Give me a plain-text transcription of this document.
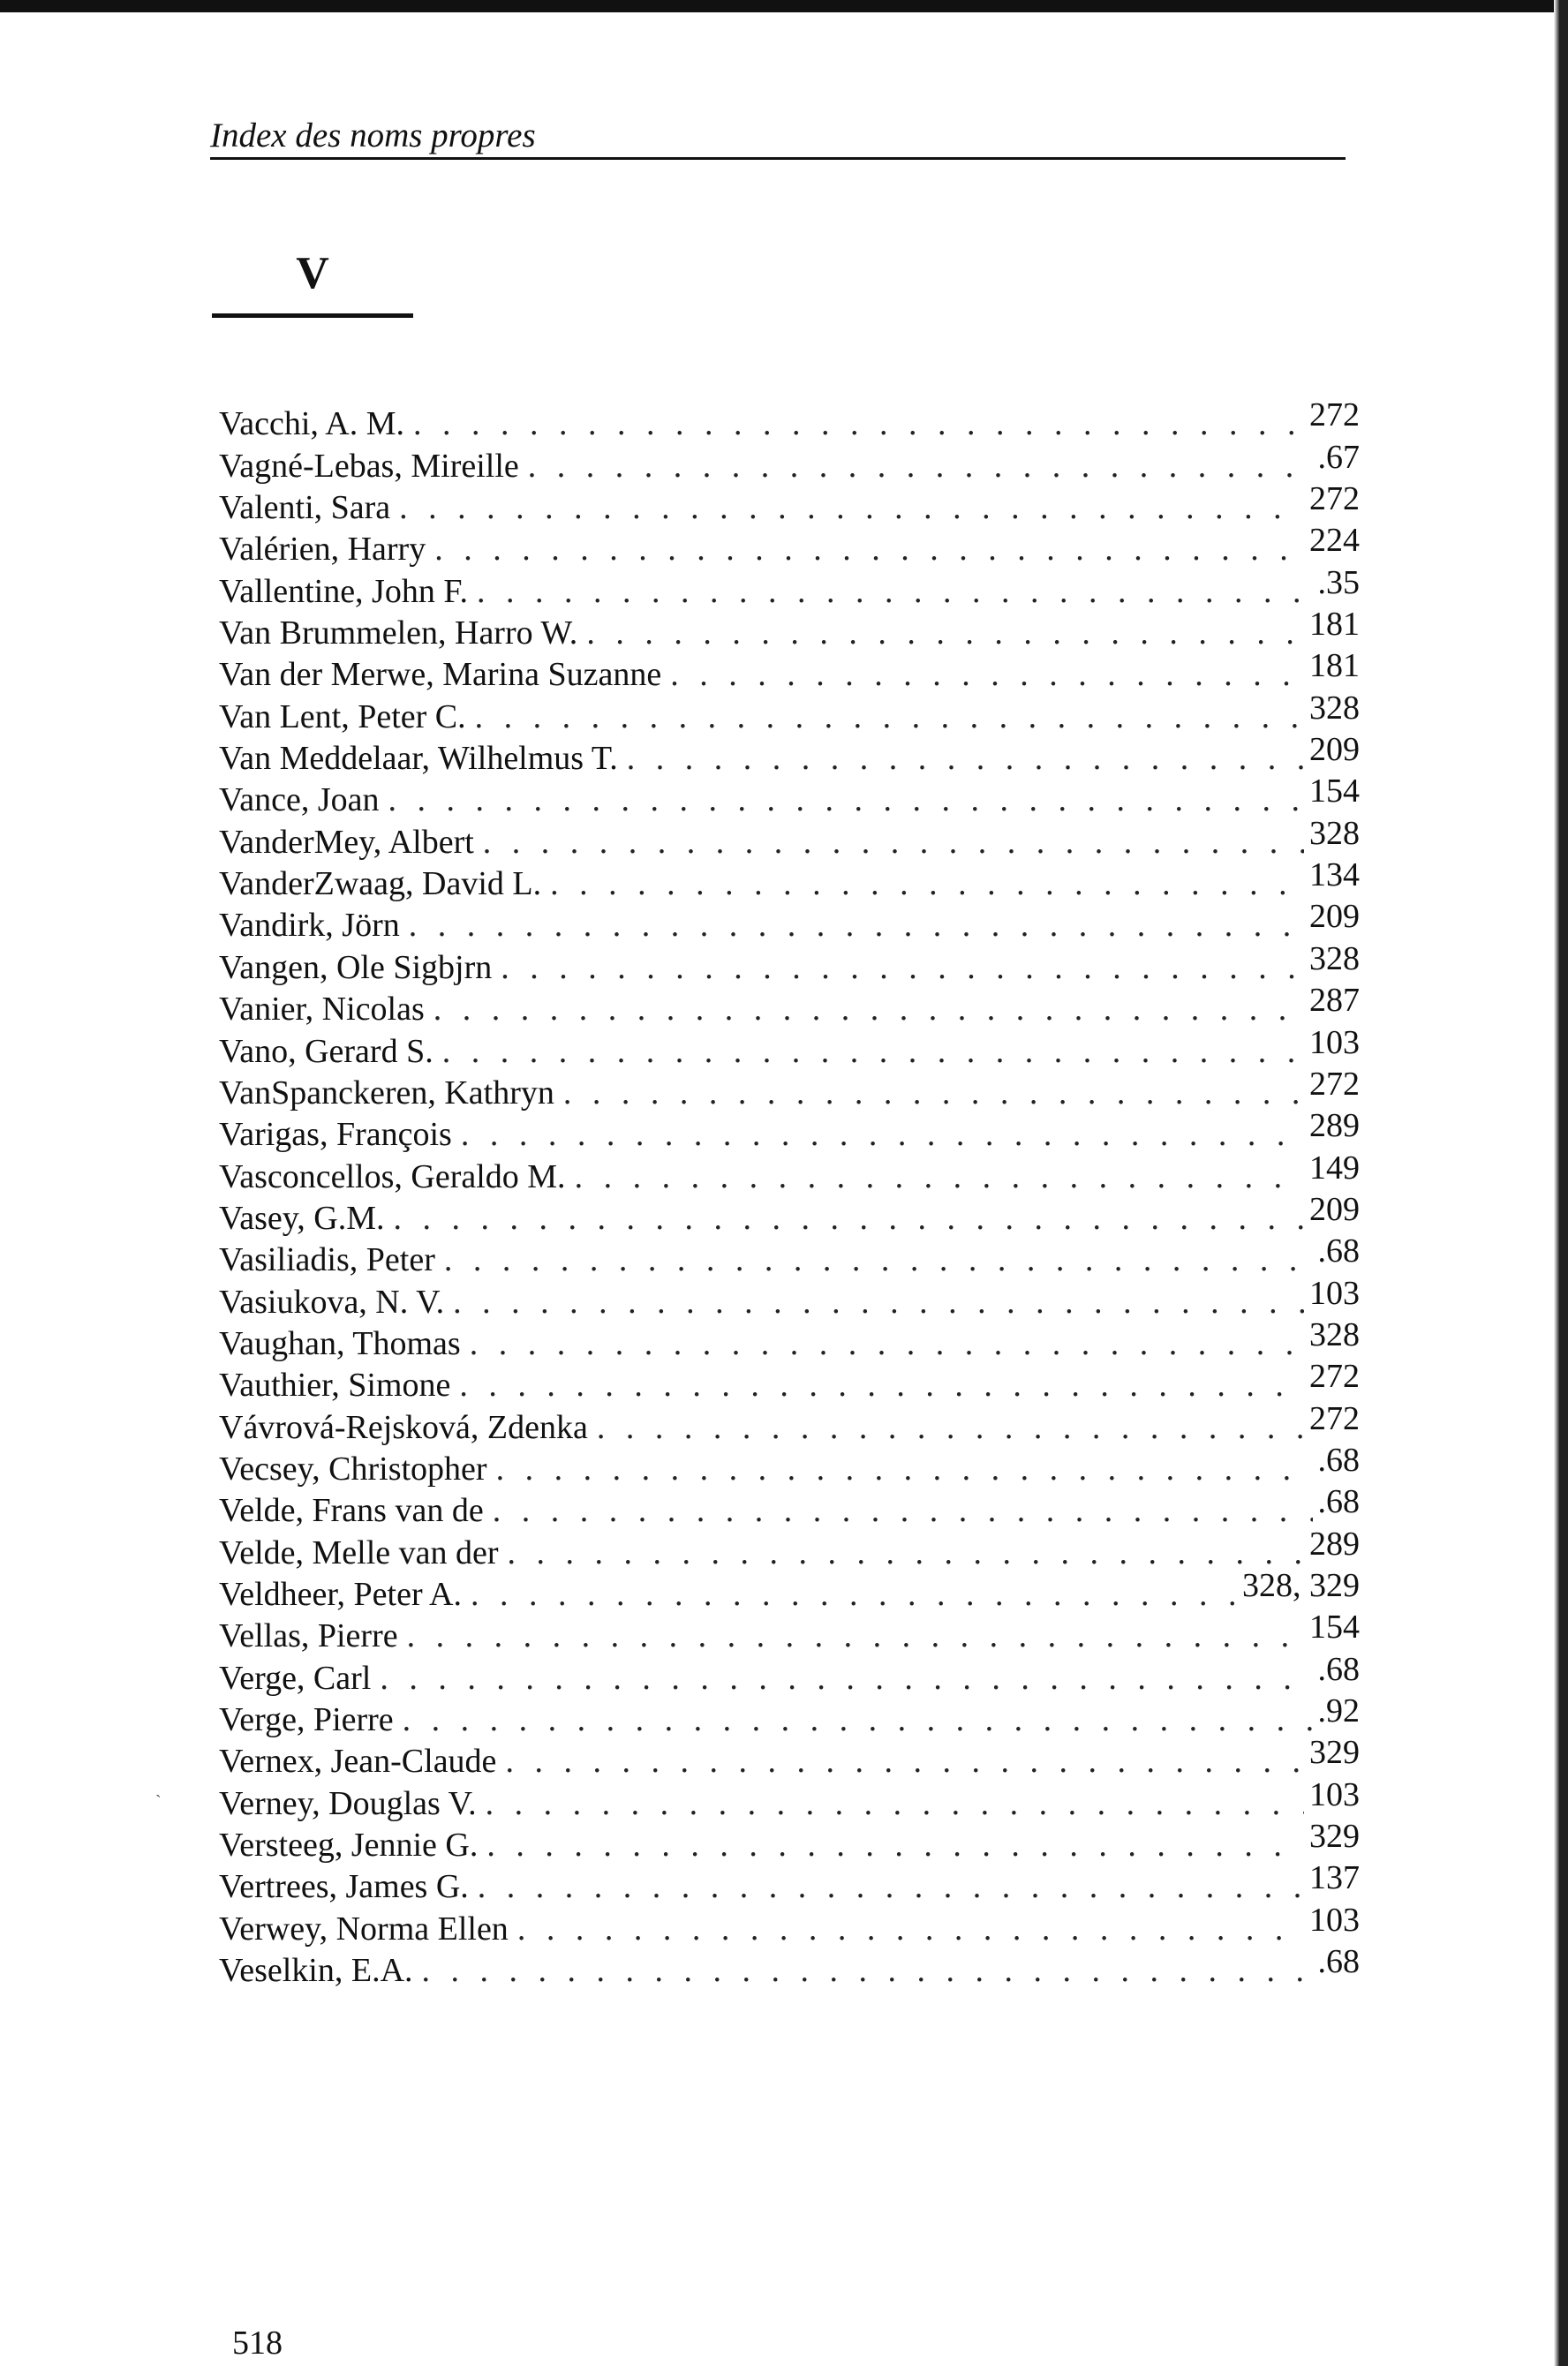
Index des noms propres
V
Vacchi, A. M. . . .	272
Vagné-Lebas, Mireille . . .	.67
Valenti, Sara . . .	272
Valérien, Harry . . .	224
Vallentine, John F. . . .	.35
Van Brummelen, Harro W. . . .	181
Van der Merwe, Marina Suzanne . . .	181
Van Lent, Peter C. . . .	328
Van Meddelaar, Wilhelmus T. . . .	209
Vance, Joan . . .	154
VanderMey, Albert . . .	328
VanderZwaag, David L. . . .	134
Vandirk, Jörn . . .	209
Vangen, Ole Sigbjrn . . .	328
Vanier, Nicolas . . .	287
Vano, Gerard S. . . .	103
VanSpanckeren, Kathryn . . .	272
Varigas, François . . .	289
Vasconcellos, Geraldo M. . . .	149
Vasey, G.M. . . .	209
Vasiliadis, Peter . . .	.68
Vasiukova, N. V. . . .	103
Vaughan, Thomas . . .	328
Vauthier, Simone . . .	272
Vávrová-Rejsková, Zdenka . . .	272
Vecsey, Christopher . . .	.68
Velde, Frans van de . . .	.68
Velde, Melle van der . . .	289
Veldheer, Peter A. . . .	328, 329
Vellas, Pierre . . .	154
Verge, Carl . . .	.68
Verge, Pierre . . .	.92
Vernex, Jean-Claude . . .	329
Verney, Douglas V. . . .	103
Versteeg, Jennie G. . . .	329
Vertrees, James G. . . .	137
Verwey, Norma Ellen . . .	103
Veselkin, E.A. . . .	.68
`
518
